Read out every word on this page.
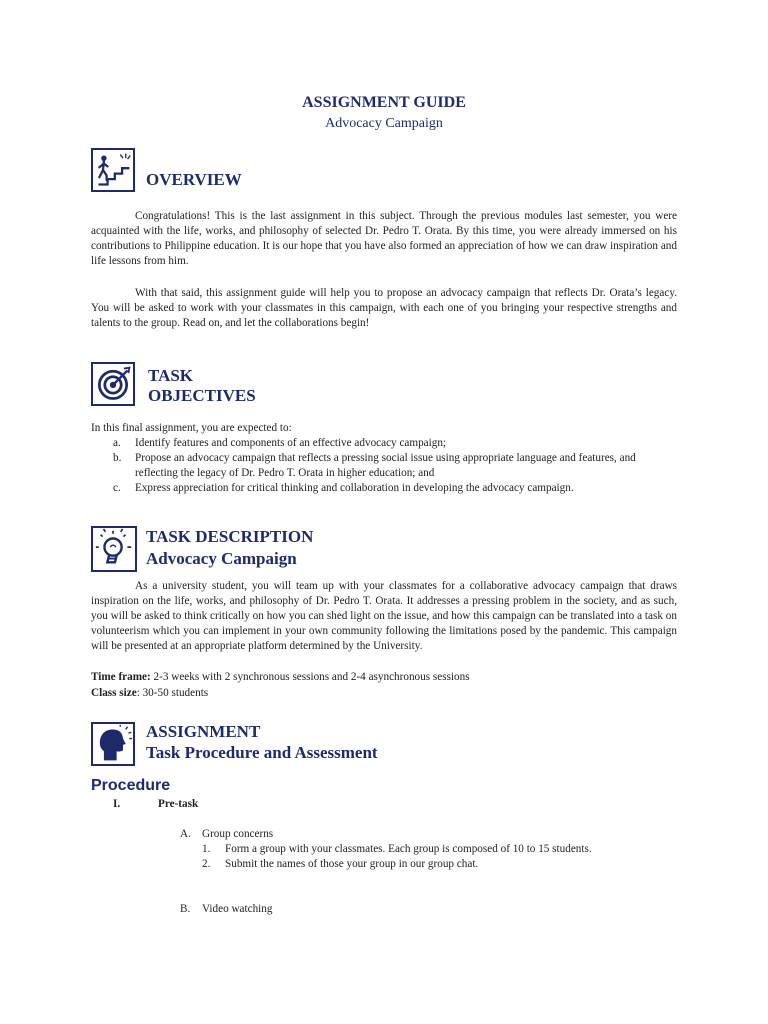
ASSIGNMENT GUIDE
Advocacy Campaign
OVERVIEW
Congratulations! This is the last assignment in this subject. Through the previous modules last semester, you were acquainted with the life, works, and philosophy of selected Dr. Pedro T. Orata. By this time, you were already immersed on his contributions to Philippine education. It is our hope that you have also formed an appreciation of how we can draw inspiration and life lessons from him.
With that said, this assignment guide will help you to propose an advocacy campaign that reflects Dr. Orata’s legacy. You will be asked to work with your classmates in this campaign, with each one of you bringing your respective strengths and talents to the group. Read on, and let the collaborations begin!
TASK
OBJECTIVES
In this final assignment, you are expected to:
a. Identify features and components of an effective advocacy campaign;
b. Propose an advocacy campaign that reflects a pressing social issue using appropriate language and features, and reflecting the legacy of Dr. Pedro T. Orata in higher education; and
c. Express appreciation for critical thinking and collaboration in developing the advocacy campaign.
TASK DESCRIPTION
Advocacy Campaign
As a university student, you will team up with your classmates for a collaborative advocacy campaign that draws inspiration on the life, works, and philosophy of Dr. Pedro T. Orata. It addresses a pressing problem in the society, and as such, you will be asked to think critically on how you can shed light on the issue, and how this campaign can be translated into a task on volunteerism which you can implement in your own community following the limitations posed by the pandemic. This campaign will be presented at an appropriate platform determined by the University.
Time frame: 2-3 weeks with 2 synchronous sessions and 2-4 asynchronous sessions
Class size: 30-50 students
ASSIGNMENT
Task Procedure and Assessment
Procedure
I.	Pre-task
A. Group concerns
1. Form a group with your classmates. Each group is composed of 10 to 15 students.
2. Submit the names of those your group in our group chat.
B. Video watching
